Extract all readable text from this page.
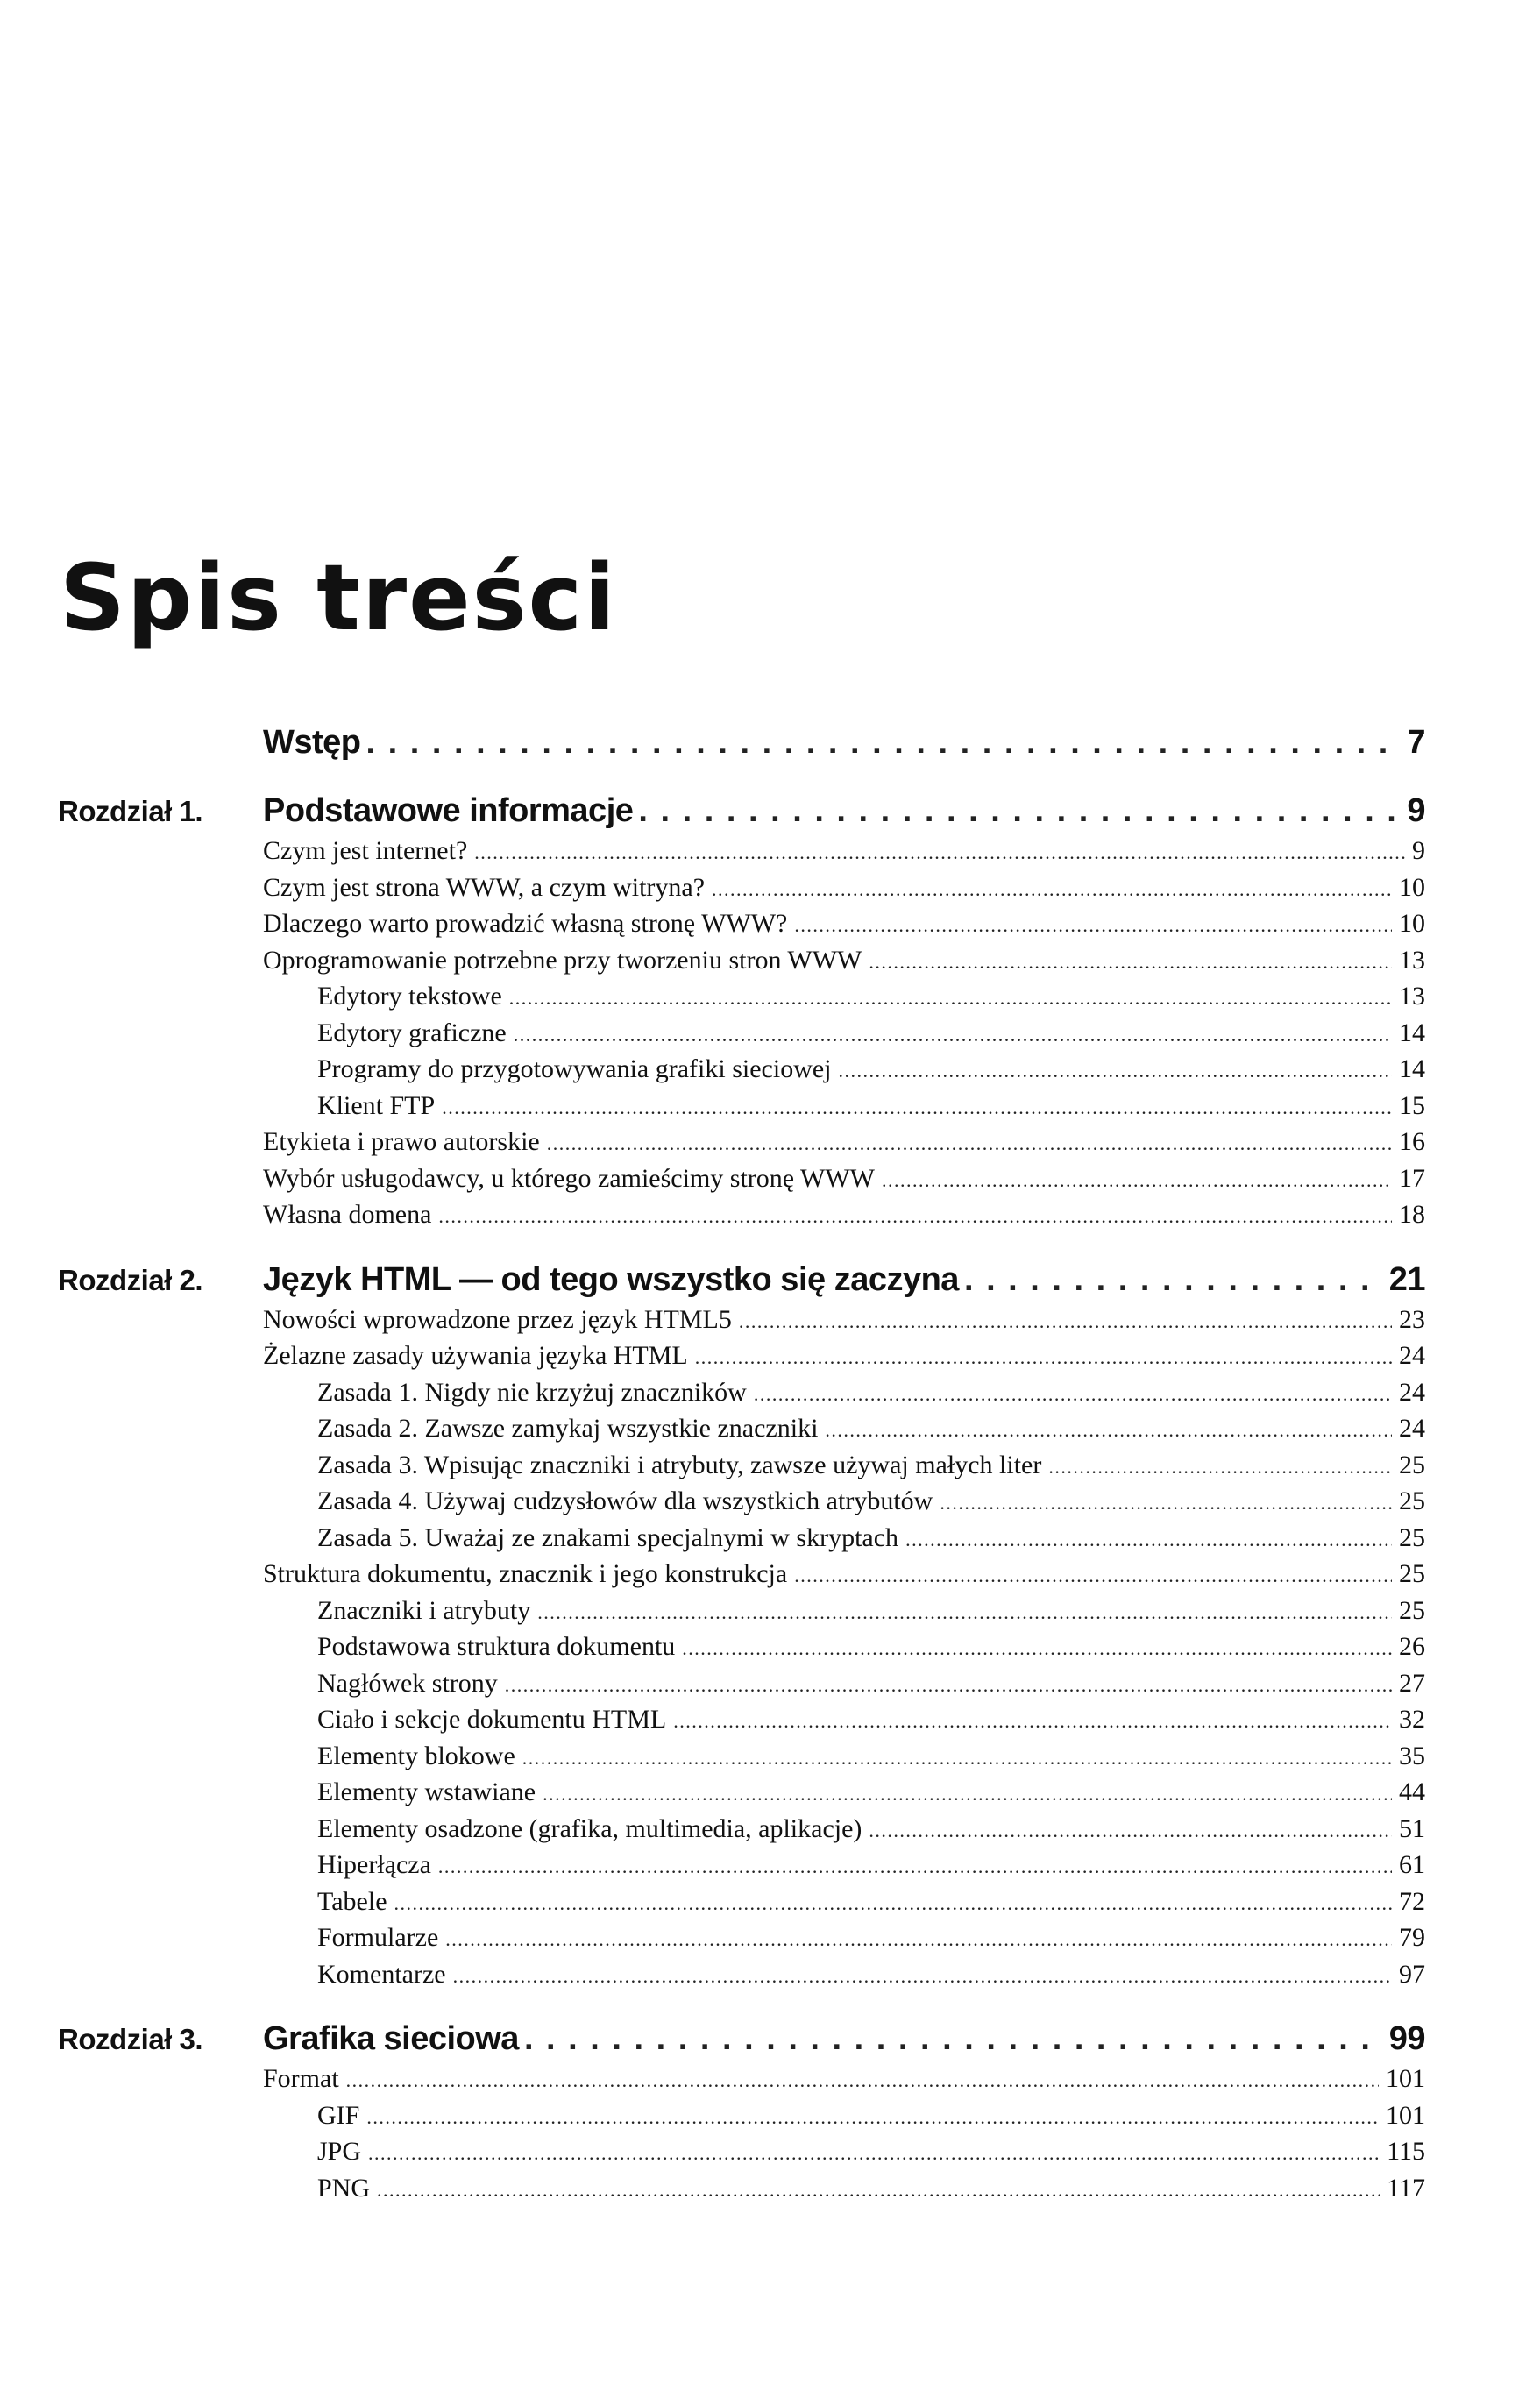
Spis treści
Wstęp . . .	7
Rozdział 1.	Podstawowe informacje . . .	9
Czym jest internet? . . .	9
Czym jest strona WWW, a czym witryna? . . .	10
Dlaczego warto prowadzić własną stronę WWW? . . .	10
Oprogramowanie potrzebne przy tworzeniu stron WWW . . .	13
Edytory tekstowe . . .	13
Edytory graficzne . . .	14
Programy do przygotowywania grafiki sieciowej . . .	14
Klient FTP . . .	15
Etykieta i prawo autorskie . . .	16
Wybór usługodawcy, u którego zamieścimy stronę WWW . . .	17
Własna domena . . .	18
Rozdział 2.	Język HTML — od tego wszystko się zaczyna . . .	21
Nowości wprowadzone przez język HTML5 . . .	23
Żelazne zasady używania języka HTML . . .	24
Zasada 1. Nigdy nie krzyżuj znaczników . . .	24
Zasada 2. Zawsze zamykaj wszystkie znaczniki . . .	24
Zasada 3. Wpisując znaczniki i atrybuty, zawsze używaj małych liter . . .	25
Zasada 4. Używaj cudzysłowów dla wszystkich atrybutów . . .	25
Zasada 5. Uważaj ze znakami specjalnymi w skryptach . . .	25
Struktura dokumentu, znacznik i jego konstrukcja . . .	25
Znaczniki i atrybuty . . .	25
Podstawowa struktura dokumentu . . .	26
Nagłówek strony . . .	27
Ciało i sekcje dokumentu HTML . . .	32
Elementy blokowe . . .	35
Elementy wstawiane . . .	44
Elementy osadzone (grafika, multimedia, aplikacje) . . .	51
Hiperłącza . . .	61
Tabele . . .	72
Formularze . . .	79
Komentarze . . .	97
Rozdział 3.	Grafika sieciowa . . .	99
Format . . .	101
GIF . . .	101
JPG . . .	115
PNG . . .	117
